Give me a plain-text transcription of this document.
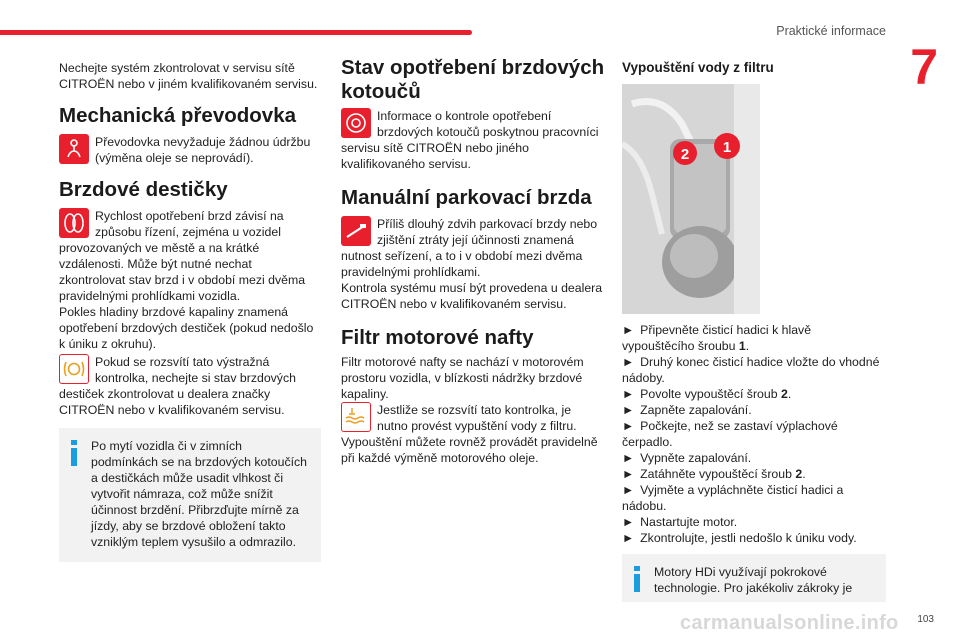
Praktické informace
7

Nechejte systém zkontrolovat v servisu sítě CITROËN nebo v jiném kvalifikovaném servisu.

Mechanická převodovka

Převodovka nevyžaduje žádnou údržbu (výměna oleje se neprovádí).

Brzdové destičky

Rychlost opotřebení brzd závisí na způsobu řízení, zejména u vozidel provozovaných ve městě a na krátké vzdálenosti. Může být nutné nechat zkontrolovat stav brzd i v období mezi dvěma pravidelnými prohlídkami vozidla.

Pokles hladiny brzdové kapaliny znamená opotřebení brzdových destiček (pokud nedošlo k úniku z okruhu).

Pokud se rozsvítí tato výstražná kontrolka, nechejte si stav brzdových destiček zkontrolovat u dealera značky CITROËN nebo v kvalifikovaném servisu.

Po mytí vozidla či v zimních podmínkách se na brzdových kotoučích a destičkách může usadit vlhkost či vytvořit námraza, což může snížit účinnost brzdění. Přibrzďujte mírně za jízdy, aby se brzdové obložení takto vzniklým teplem vysušilo a odmrazilo.

Stav opotřebení brzdových kotoučů

Informace o kontrole opotřebení brzdových kotoučů poskytnou pracovníci servisu sítě CITROËN nebo jiného kvalifikovaného servisu.

Manuální parkovací brzda

Příliš dlouhý zdvih parkovací brzdy nebo zjištění ztráty její účinnosti znamená nutnost seřízení, a to i v období mezi dvěma pravidelnými prohlídkami.

Kontrola systému musí být provedena u dealera CITROËN nebo v kvalifikovaném servisu.

Filtr motorové nafty

Filtr motorové nafty se nachází v motorovém prostoru vozidla, v blízkosti nádržky brzdové kapaliny.

Jestliže se rozsvítí tato kontrolka, je nutno provést vypuštění vody z filtru.

Vypouštění můžete rovněž provádět pravidelně při každé výměně motorového oleje.

Vypouštění vody z filtru
2 1

► Připevněte čisticí hadici k hlavě vypouštěcího šroubu 1.

► Druhý konec čisticí hadice vložte do vhodné nádoby.

► Povolte vypouštěcí šroub 2.

► Zapněte zapalování.

► Počkejte, než se zastaví výplachové čerpadlo.

► Vypněte zapalování.

► Zatáhněte vypouštěcí šroub 2.

► Vyjměte a vypláchněte čisticí hadici a nádobu.

► Nastartujte motor.

► Zkontrolujte, jestli nedošlo k úniku vody.

Motory HDi využívají pokrokové technologie. Pro jakékoliv zákroky je

carmanualsonline.info 103
